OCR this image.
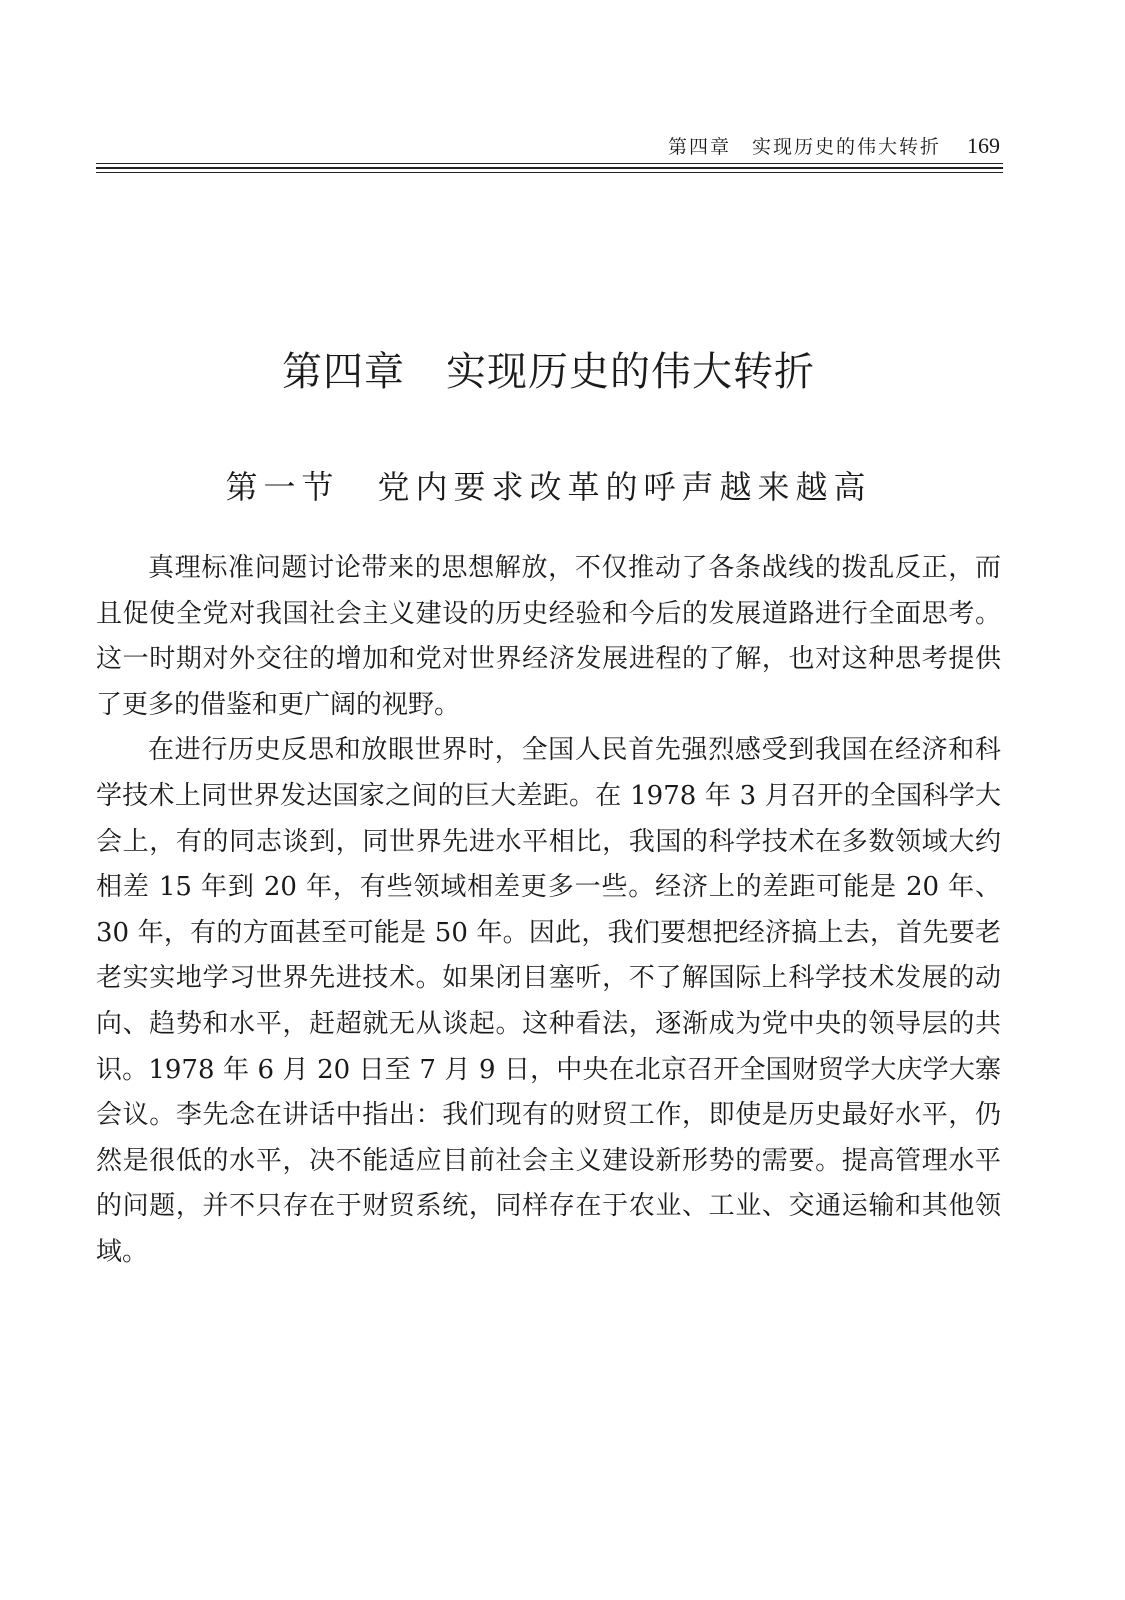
第四章　实现历史的伟大转折 169
第四章　实现历史的伟大转折
第一节　党内要求改革的呼声越来越高

真理标准问题讨论带来的思想解放，不仅推动了各条战线的拨乱反正，而且促使全党对我国社会主义建设的历史经验和今后的发展道路进行全面思考。这一时期对外交往的增加和党对世界经济发展进程的了解，也对这种思考提供了更多的借鉴和更广阔的视野。

在进行历史反思和放眼世界时，全国人民首先强烈感受到我国在经济和科学技术上同世界发达国家之间的巨大差距。在 1978 年 3 月召开的全国科学大会上，有的同志谈到，同世界先进水平相比，我国的科学技术在多数领域大约相差 15 年到 20 年，有些领域相差更多一些。经济上的差距可能是 20 年、30 年，有的方面甚至可能是 50 年。因此，我们要想把经济搞上去，首先要老老实实地学习世界先进技术。如果闭目塞听，不了解国际上科学技术发展的动向、趋势和水平，赶超就无从谈起。这种看法，逐渐成为党中央的领导层的共识。1978 年 6 月 20 日至 7 月 9 日，中央在北京召开全国财贸学大庆学大寨会议。李先念在讲话中指出：我们现有的财贸工作，即使是历史最好水平，仍然是很低的水平，决不能适应目前社会主义建设新形势的需要。提高管理水平的问题，并不只存在于财贸系统，同样存在于农业、工业、交通运输和其他领域。
